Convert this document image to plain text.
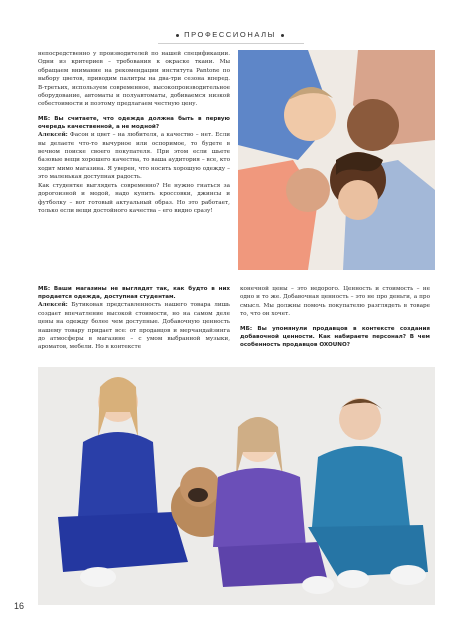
ПРОФЕССИОНАЛЫ

непосредственно у производителей по нашей спецификации. Одни из критериев – требования к окраске ткани. Мы обращаем внимание на рекомендации института Pantone по выбору цветов, приводим палитры на два-три сезона вперед. В-третьих, используем современное, высокопроизводительное оборудование, автоматы и полуавтоматы, добиваемся низкой себестоимости и поэтому предлагаем честную цену.

МБ: Вы считаете, что одежда должна быть в первую очередь качественной, а не модной?

Алексей: Фасон и цвет – на любителя, а качество – нет. Если вы делаете что-то вычурное или оспоримое, то будете в вечном поиске своего покупателя. При этом если шьете базовые вещи хорошего качества, то ваша аудитория – все, кто ходит мимо магазина. Я уверен, что носить хорошую одежду – это маленькая доступная радость.

Как студенткe выглядеть современно? Не нужно гнаться за дорогоизной и модой, надо купить кроссовки, джинсы и футболку – вот готовый актуальный образ. Но это работает, только если вещи достойного качества – его видно сразу!

МБ: Ваши магазины не выглядят так, как будто в них продается одежда, доступная студентам.

Алексей: Бутиковая представленность нашего товара лишь создает впечатление высокой стоимости, но на самом деле цены на одежду более чем доступные. Добавочную ценность нашему товару придает все: от продавцов и мерчандайзинга до атмосферы в магазине – с умом выбранной музыки, ароматов, мебели. Но в контексте

конечной цены – это недорого. Ценность и стоимость – не одно и то же. Добавочная ценность – это не про деньги, а про смысл. Мы должны помочь покупателю разглядеть в товаре то, что он хочет.

МБ: Вы упомянули продавцов в контексте создания добавочной ценности. Как набираете персонал? В чем особенность продавцов OXOUNO?

16
